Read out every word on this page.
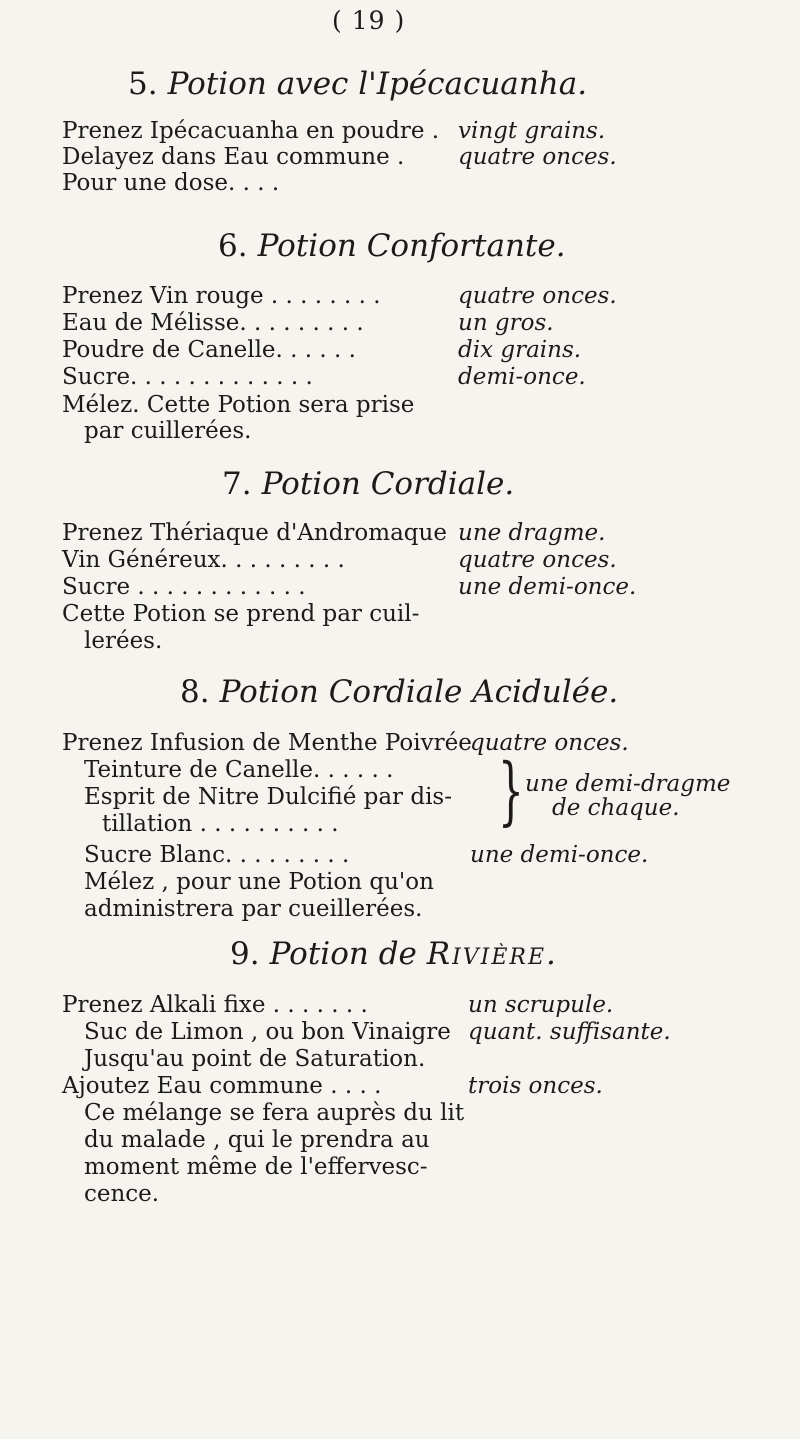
( 19 )
5. Potion avec l'Ipécacuanha.
Prenez Ipécacuanha en poudre .
Delayez dans Eau commune .
Pour une dose. . . .
vingt grains.
quatre onces.
6. Potion Confortante.
Prenez Vin rouge . . . . . . . .
Eau de Mélisse. . . . . . . . .
Poudre de Canelle. . . . . .
Sucre. . . . . . . . . . . . .
Mélez. Cette Potion sera prise
par cuillerées.
quatre onces.
un gros.
dix grains.
demi-once.
7. Potion Cordiale.
Prenez Thériaque d'Andromaque
Vin Généreux. . . . . . . . .
Sucre . . . . . . . . . . . .
Cette Potion se prend par cuil-
lerées.
une dragme.
quatre onces.
une demi-once.
8. Potion Cordiale Acidulée.
Prenez Infusion de Menthe Poivrée
Teinture de Canelle. . . . . .
Esprit de Nitre Dulcifié par dis-
tillation . . . . . . . . . .
Sucre Blanc. . . . . . . . .
Mélez , pour une Potion qu'on
administrera par cueillerées.
quatre onces.
} une demi-dragme
de chaque.
une demi-once.
9. Potion de Rivière.
Prenez Alkali fixe . . . . . . .
Suc de Limon , ou bon Vinaigre
Jusqu'au point de Saturation.
Ajoutez Eau commune . . . .
Ce mélange se fera auprès du lit
du malade , qui le prendra au
moment même de l'effervesc-
cence.
un scrupule.
quant. suffisante.
trois onces.
